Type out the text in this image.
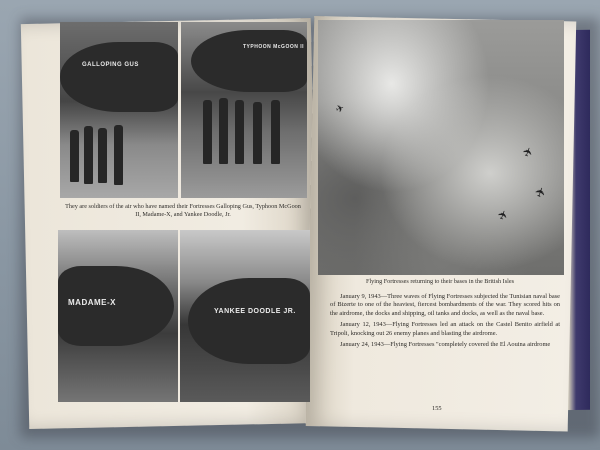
GALLOPING GUS
TYPHOON McGOON II
MADAME-X
YANKEE DOODLE JR.
They are soldiers of the air who have named their Fortresses Galloping Gus, Typhoon McGoon II, Madame-X, and Yankee Doodle, Jr.
✈
✈
✈
✈
Flying Fortresses returning to their bases in the British Isles

January 9, 1943—Three waves of Flying Fortresses subjected the Tunisian naval base of Bizerte to one of the heaviest, fiercest bombardments of the war. They scored hits on the airdrome, the docks and shipping, oil tanks and docks, as well as the naval base.

January 12, 1943—Flying Fortresses led an attack on the Castel Benito airfield at Tripoli, knocking out 26 enemy planes and blasting the airdrome.

January 24, 1943—Flying Fortresses "completely covered the El Aouina airdrome

155
